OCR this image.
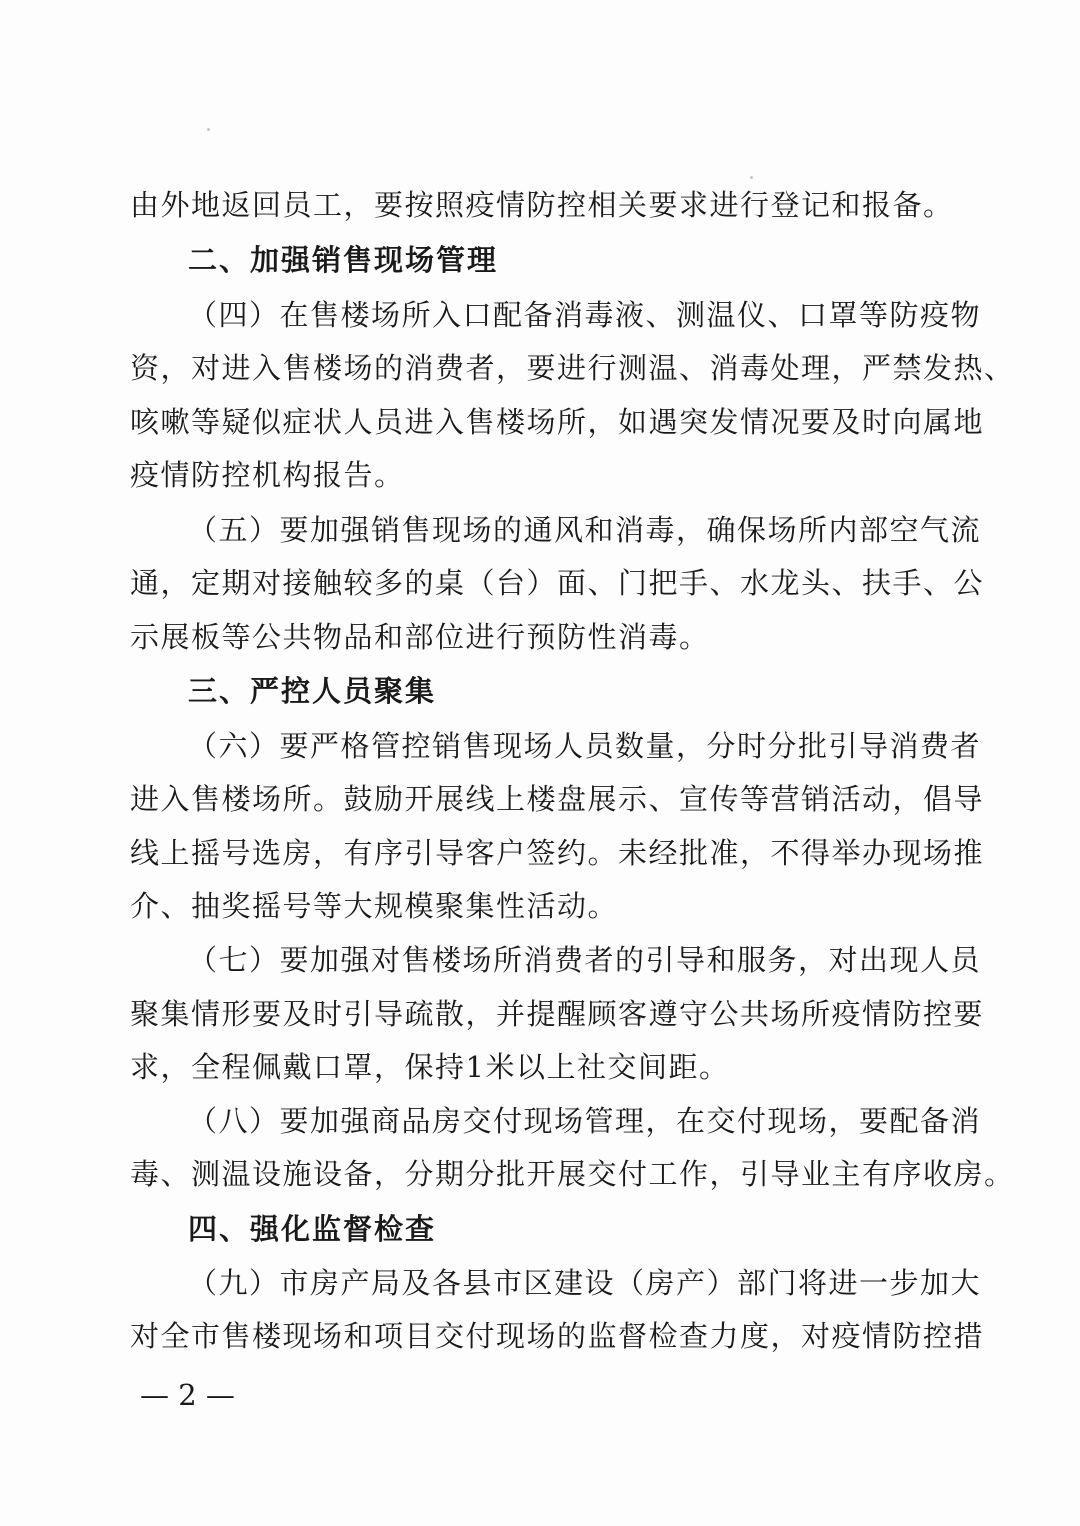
由外地返回员工，要按照疫情防控相关要求进行登记和报备。
二、加强销售现场管理
（四）在售楼场所入口配备消毒液、测温仪、口罩等防疫物
资，对进入售楼场的消费者，要进行测温、消毒处理，严禁发热、
咳嗽等疑似症状人员进入售楼场所，如遇突发情况要及时向属地
疫情防控机构报告。
（五）要加强销售现场的通风和消毒，确保场所内部空气流
通，定期对接触较多的桌（台）面、门把手、水龙头、扶手、公
示展板等公共物品和部位进行预防性消毒。
三、严控人员聚集
（六）要严格管控销售现场人员数量，分时分批引导消费者
进入售楼场所。鼓励开展线上楼盘展示、宣传等营销活动，倡导
线上摇号选房，有序引导客户签约。未经批准，不得举办现场推
介、抽奖摇号等大规模聚集性活动。
（七）要加强对售楼场所消费者的引导和服务，对出现人员
聚集情形要及时引导疏散，并提醒顾客遵守公共场所疫情防控要
求，全程佩戴口罩，保持1米以上社交间距。
（八）要加强商品房交付现场管理，在交付现场，要配备消
毒、测温设施设备，分期分批开展交付工作，引导业主有序收房。
四、强化监督检查
（九）市房产局及各县市区建设（房产）部门将进一步加大
对全市售楼现场和项目交付现场的监督检查力度，对疫情防控措
— 2 —
